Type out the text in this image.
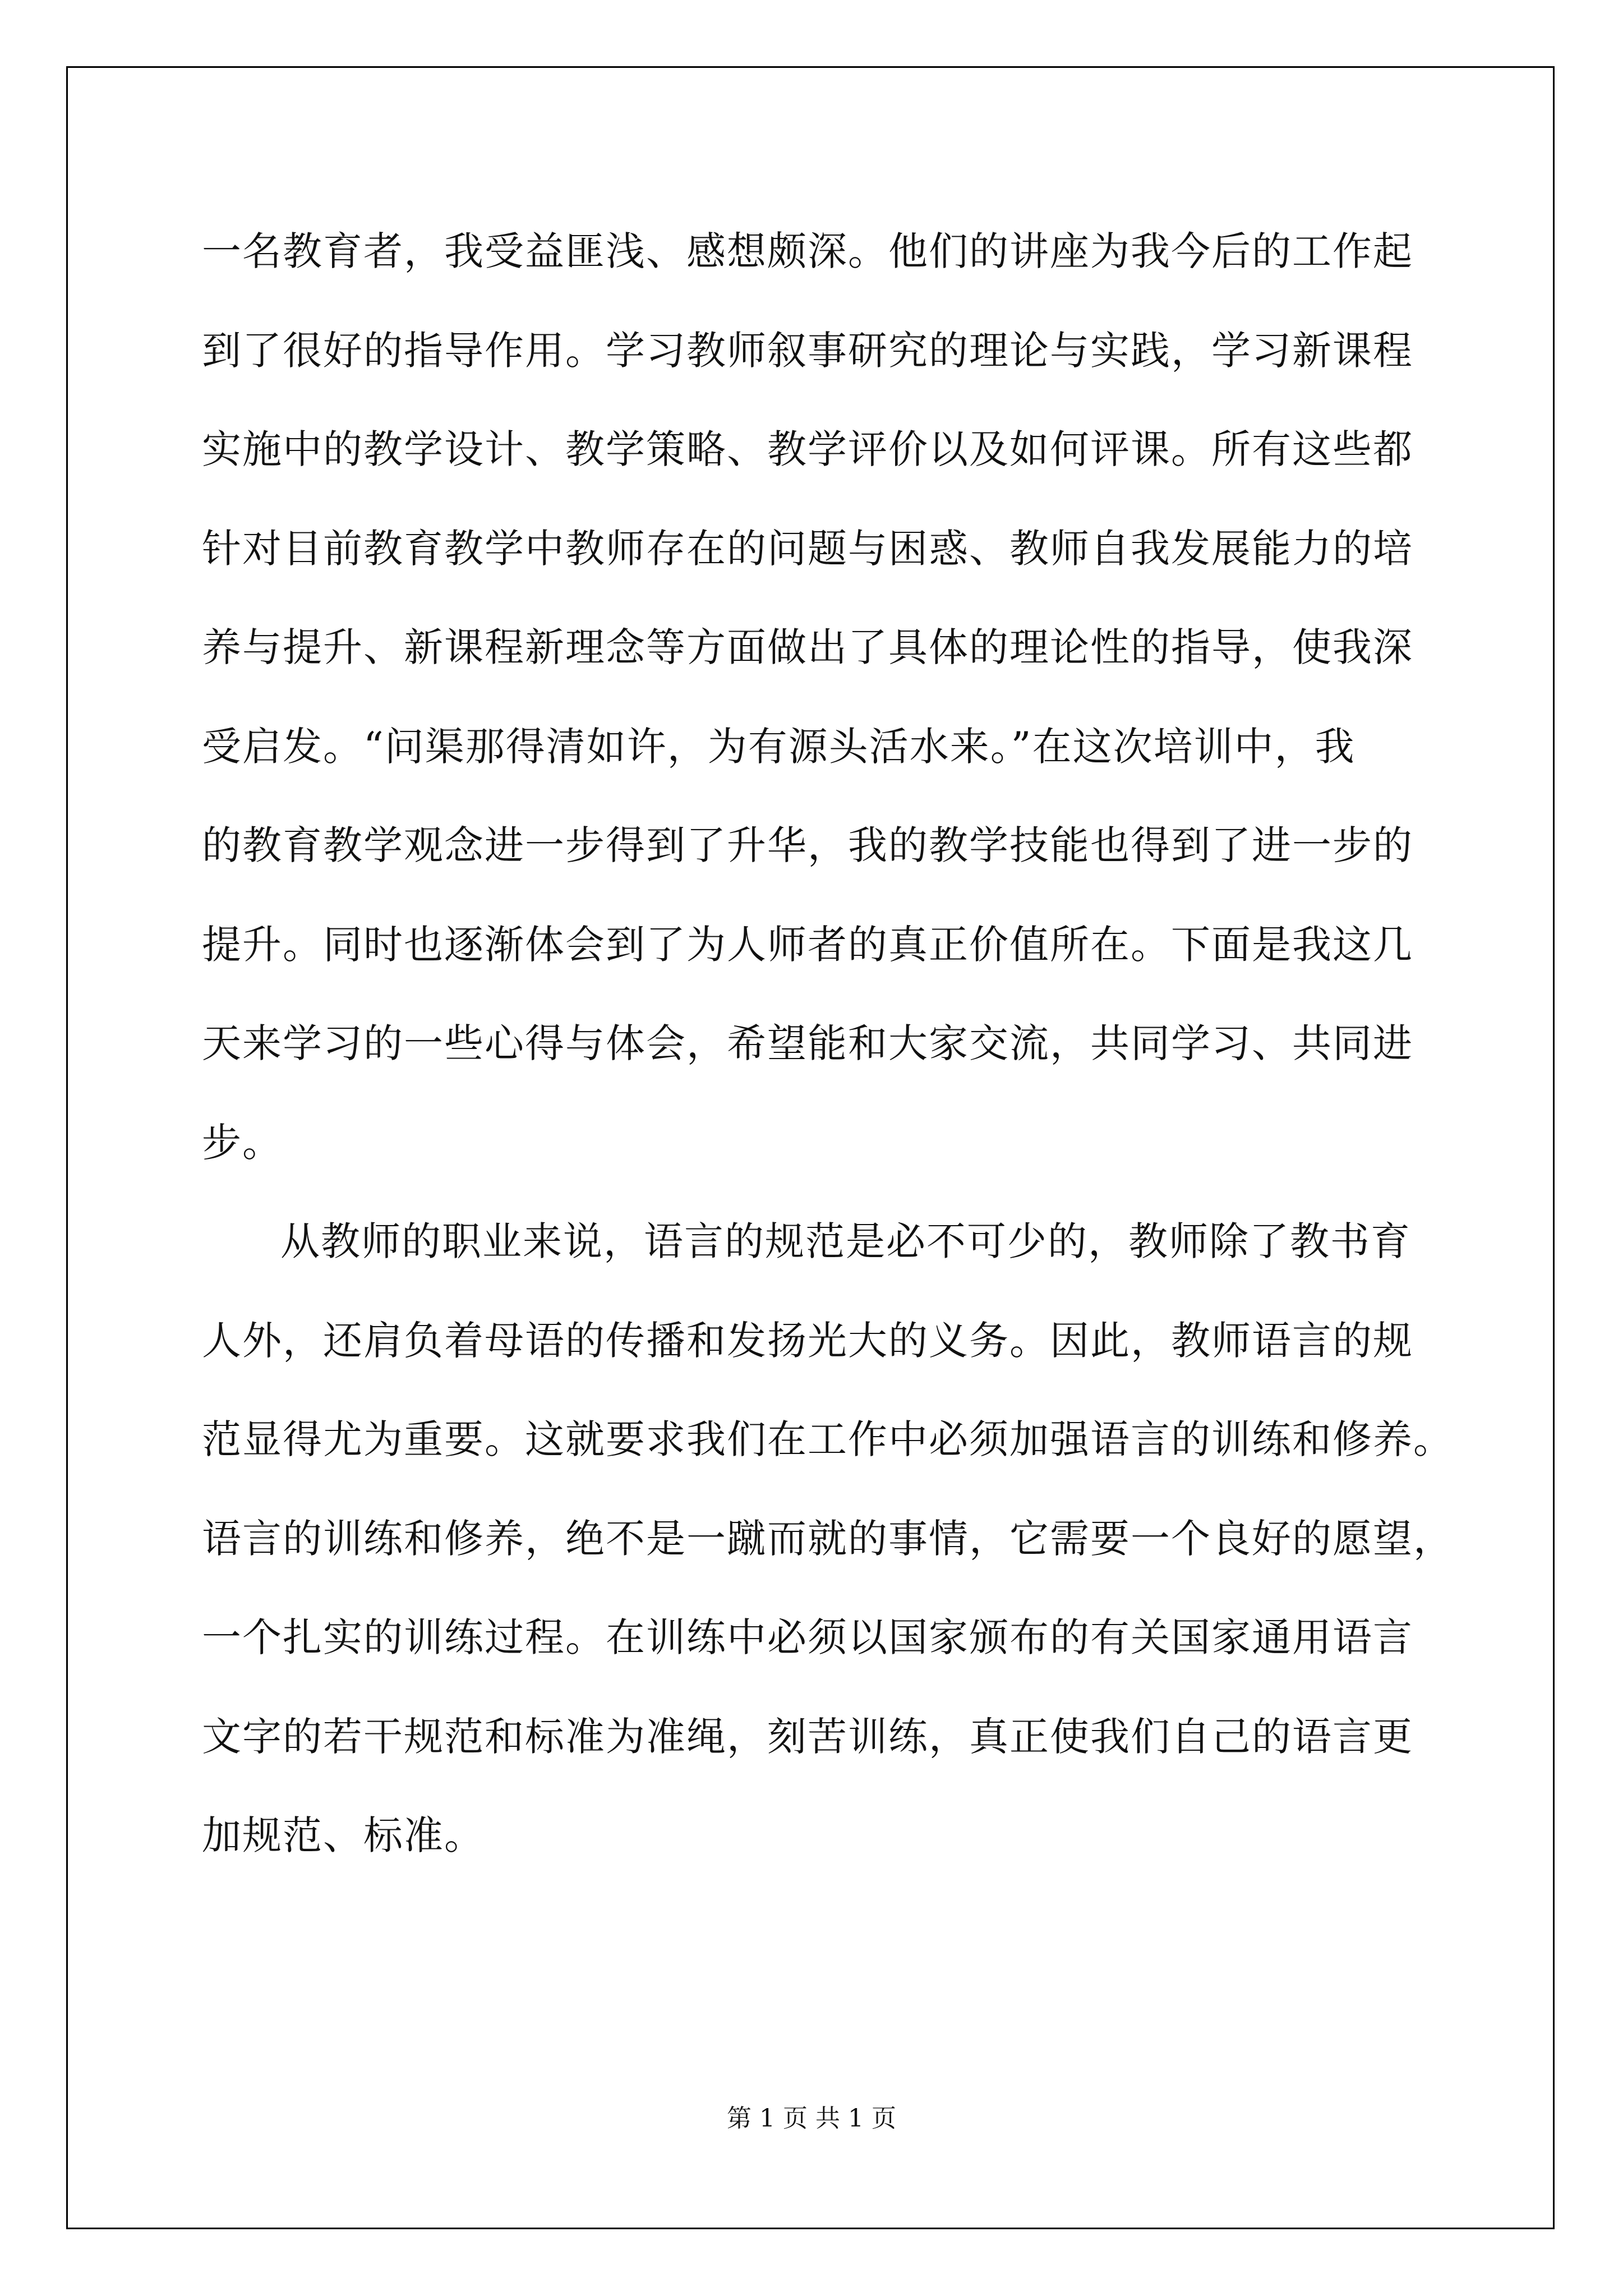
一名教育者，我受益匪浅、感想颇深。他们的讲座为我今后的工作起
到了很好的指导作用。学习教师叙事研究的理论与实践，学习新课程
实施中的教学设计、教学策略、教学评价以及如何评课。所有这些都
针对目前教育教学中教师存在的问题与困惑、教师自我发展能力的培
养与提升、新课程新理念等方面做出了具体的理论性的指导，使我深
受启发。“问渠那得清如许，为有源头活水来。”在这次培训中，我
的教育教学观念进一步得到了升华，我的教学技能也得到了进一步的
提升。同时也逐渐体会到了为人师者的真正价值所在。下面是我这几
天来学习的一些心得与体会，希望能和大家交流，共同学习、共同进
步。
从教师的职业来说，语言的规范是必不可少的，教师除了教书育
人外，还肩负着母语的传播和发扬光大的义务。因此，教师语言的规
范显得尤为重要。这就要求我们在工作中必须加强语言的训练和修养。
语言的训练和修养，绝不是一蹴而就的事情，它需要一个良好的愿望，
一个扎实的训练过程。在训练中必须以国家颁布的有关国家通用语言
文字的若干规范和标准为准绳，刻苦训练，真正使我们自己的语言更
加规范、标准。
第 1 页 共 1 页
